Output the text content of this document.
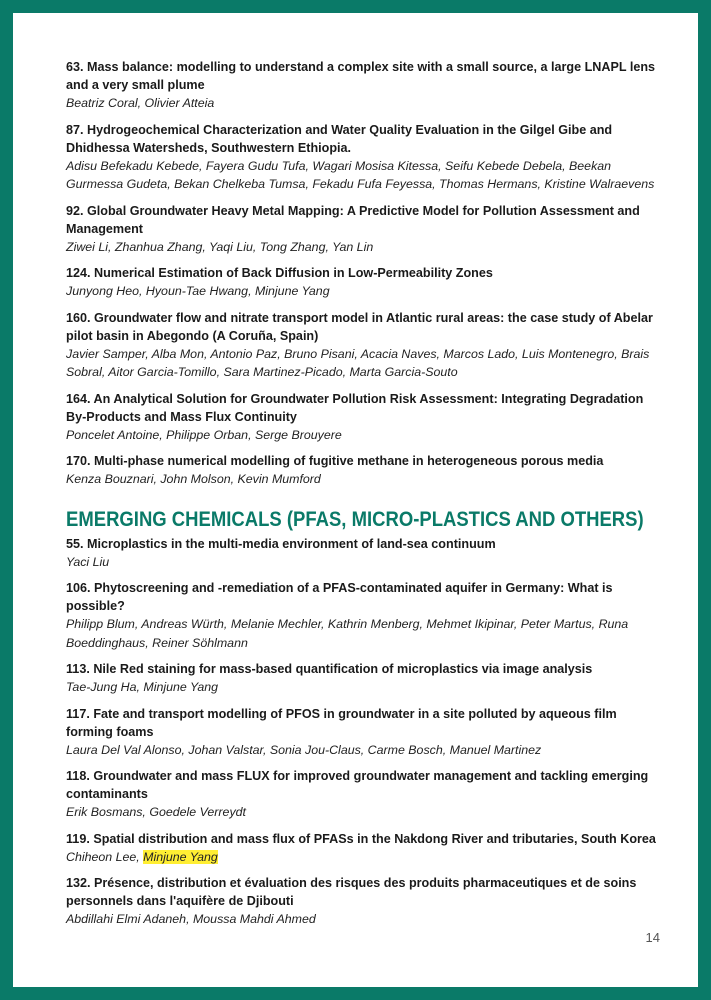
63. Mass balance: modelling to understand a complex site with a small source, a large LNAPL lens and a very small plume
Beatriz Coral, Olivier Atteia
87. Hydrogeochemical Characterization and Water Quality Evaluation in the Gilgel Gibe and Dhidhessa Watersheds, Southwestern Ethiopia.
Adisu Befekadu Kebede, Fayera Gudu Tufa, Wagari Mosisa Kitessa, Seifu Kebede Debela, Beekan Gurmessa Gudeta, Bekan Chelkeba Tumsa, Fekadu Fufa Feyessa, Thomas Hermans, Kristine Walraevens
92. Global Groundwater Heavy Metal Mapping: A Predictive Model for Pollution Assessment and Management
Ziwei Li, Zhanhua Zhang, Yaqi Liu, Tong Zhang, Yan Lin
124. Numerical Estimation of Back Diffusion in Low-Permeability Zones
Junyong Heo, Hyoun-Tae Hwang, Minjune Yang
160. Groundwater flow and nitrate transport model in Atlantic rural areas: the case study of Abelar pilot basin in Abegondo (A Coruña, Spain)
Javier Samper, Alba Mon, Antonio Paz, Bruno Pisani, Acacia Naves, Marcos Lado, Luis Montenegro, Brais Sobral, Aitor Garcia-Tomillo, Sara Martinez-Picado, Marta Garcia-Souto
164. An Analytical Solution for Groundwater Pollution Risk Assessment: Integrating Degradation By-Products and Mass Flux Continuity
Poncelet Antoine, Philippe Orban, Serge Brouyere
170. Multi-phase numerical modelling of fugitive methane in heterogeneous porous media
Kenza Bouznari, John Molson, Kevin Mumford
EMERGING CHEMICALS (PFAS, MICRO-PLASTICS AND OTHERS)
55. Microplastics in the multi-media environment of land-sea continuum
Yaci Liu
106. Phytoscreening and -remediation of a PFAS-contaminated aquifer in Germany: What is possible?
Philipp Blum, Andreas Würth, Melanie Mechler, Kathrin Menberg, Mehmet Ikipinar, Peter Martus, Runa Boeddinghaus, Reiner Söhlmann
113. Nile Red staining for mass-based quantification of microplastics via image analysis
Tae-Jung Ha, Minjune Yang
117. Fate and transport modelling of PFOS in groundwater in a site polluted by aqueous film forming foams
Laura Del Val Alonso, Johan Valstar, Sonia Jou-Claus, Carme Bosch, Manuel Martinez
118. Groundwater and mass FLUX for improved groundwater management and tackling emerging contaminants
Erik Bosmans, Goedele Verreydt
119. Spatial distribution and mass flux of PFASs in the Nakdong River and tributaries, South Korea
Chiheon Lee, Minjune Yang
132. Présence, distribution et évaluation des risques des produits pharmaceutiques et de soins personnels dans l'aquifère de Djibouti
Abdillahi Elmi Adaneh, Moussa Mahdi Ahmed
14
